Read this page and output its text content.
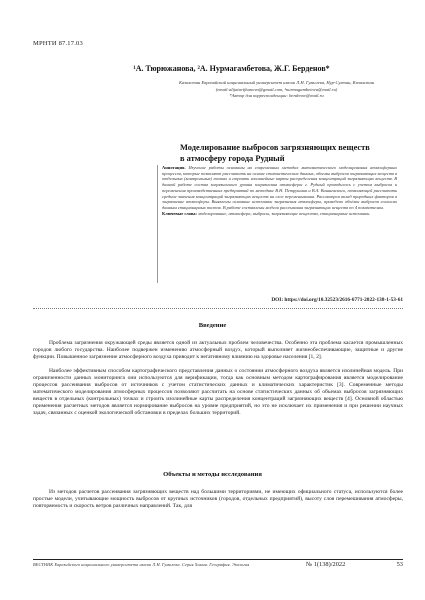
МРНТИ 87.17.03
¹А. Тюрюжанова, ²А. Нурмагамбетова, Ж.Г. Берденов*
Казахстан Евразийский национальный университет имени Л.Н. Гумилева, Нур-Султан, Казахстан
(email:alijaturijhanova@gmail.com, ²nurmagambetova@mail.ru)
*Автор для корреспонденции: berdenov@mail.ru
Моделирование выбросов загрязняющих веществ
в атмосферу города Рудный

Аннотация. Изучение работы основаны на современных методах математического моделирования атмосферных процессов, которые позволяют рассчитать на основе статистических данных, объемы выбросов загрязняющих веществ в отдельных (контрольных) точках и строить изолинейные карты распределения концентраций загрязняющих веществ. В данной работе состав загрязненного уровня загрязнения атмосферы г. Рудный проводилось с учетом выбросов и переменения производственных предприятий по методике В.Н. Петрушина и В.А. Вишневского, позволяющей рассчитать средние значения концентраций загрязняющих веществ на слое перемешивания. Рассмотрен вклад природных факторов в загрязнение атмосферы. Выявлены основные источники загрязнения атмосферы, приведено объёмы выбросов согласно данным стационарных постов. В работе составлены модели рассеивания загрязняющих веществ по 4 показателям.

Ключевые слова: моделирование, атмосфера, выбросы, загрязняющие вещества, стационарные источники.

DOI: https://doi.org/10.32523/2616-6771-2022-138-1-53-61
Введение
Проблема загрязнения окружающей среды является одной из актуальных проблем человечества. Особенно эта проблема касается промышленных городов любого государства. Наиболее подвержен изменению атмосферный воздух, который выполняет жизнеобеспечивающие, защитные и другие функции. Повышенное загрязнение атмосферного воздуха приводит к негативному влиянию на здоровье населения [1, 2].
Наиболее эффективным способом картографического представления данных о состоянии атмосферного воздуха является изолинейная модель. При ограниченности данных мониторинга они используются для верификации, тогда как основным методом картографирования является моделирование процессов рассеивания выбросов от источников с учетом статистических данных и климатических характеристик [3]. Современные методы математического моделирования атмосферных процессов позволяют рассчитать на основе статистических данных об объемах выбросов загрязняющих веществ в отдельных (контрольных) точках и строить изолинейные карты распределения концентраций загрязняющих веществ [4]. Основной областью применения расчетных методов является нормирование выбросов на уровне предприятий, но это не исключает их применения и при решении научных задач, связанных с оценкой экологической обстановки в пределах больших территорий.
Объекты и методы исследования
Из методов расчетов рассеивания загрязняющих веществ над большими территориями, не имеющих официального статуса, используются более простые модели, учитывающие мощность выбросов от крупных источников (городов, отдельных предприятий), высоту слоя перемешивания атмосферы, повторяемость и скорость ветров различных направлений. Так, для
ВЕСТНИК Евразийского национального университета имени Л.Н. Гумилева. Серия Химия. География. Экология	№ 1(138)/2022	53
